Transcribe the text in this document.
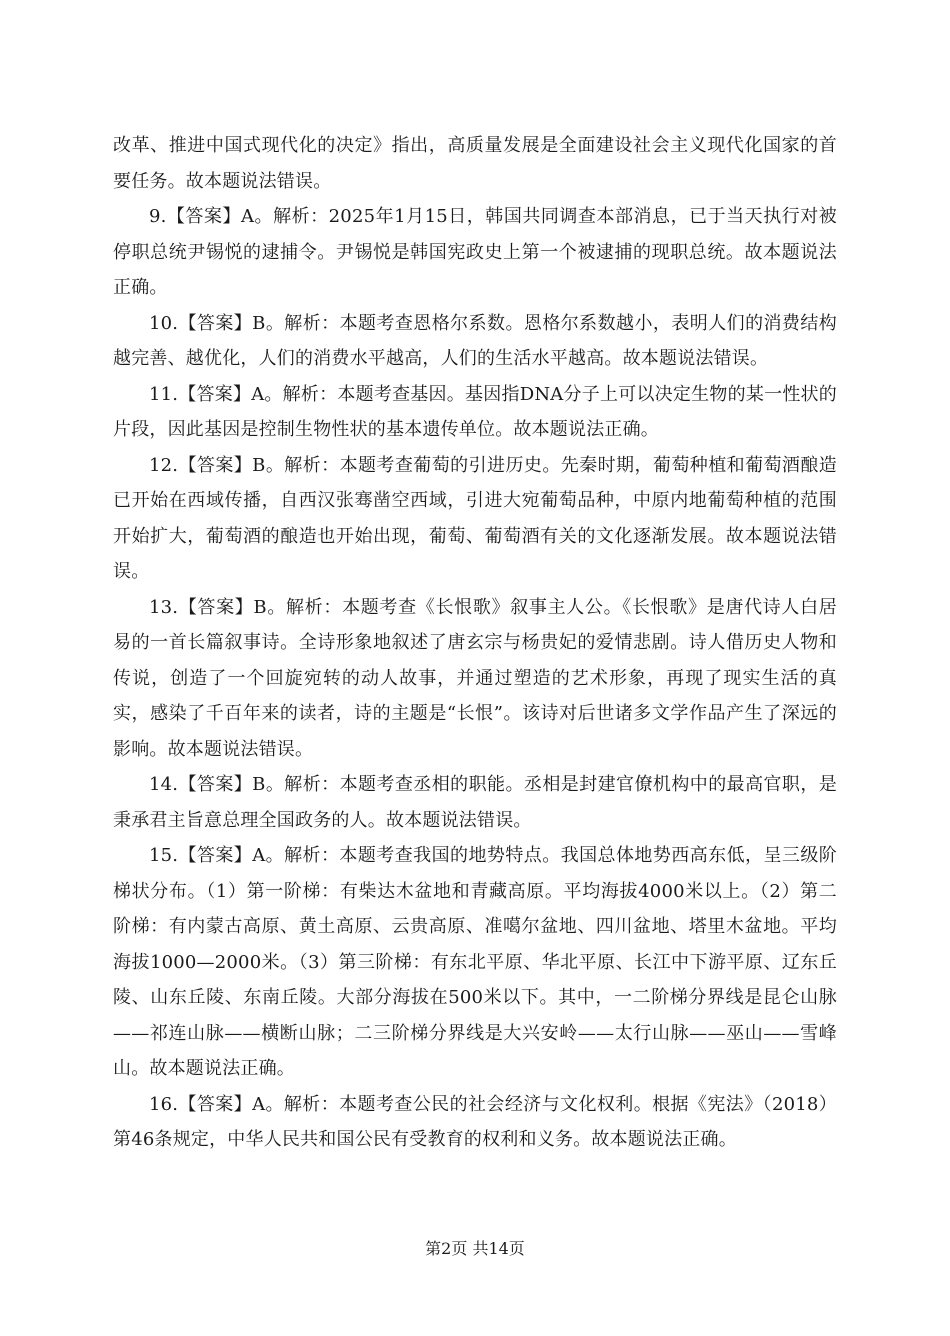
改革、推进中国式现代化的决定》指出，高质量发展是全面建设社会主义现代化国家的首要任务。故本题说法错误。

9.【答案】A。解析：2025年1月15日，韩国共同调查本部消息，已于当天执行对被停职总统尹锡悦的逮捕令。尹锡悦是韩国宪政史上第一个被逮捕的现职总统。故本题说法正确。

10.【答案】B。解析：本题考查恩格尔系数。恩格尔系数越小，表明人们的消费结构越完善、越优化，人们的消费水平越高，人们的生活水平越高。故本题说法错误。

11.【答案】A。解析：本题考查基因。基因指DNA分子上可以决定生物的某一性状的片段，因此基因是控制生物性状的基本遗传单位。故本题说法正确。

12.【答案】B。解析：本题考查葡萄的引进历史。先秦时期，葡萄种植和葡萄酒酿造已开始在西域传播，自西汉张骞凿空西域，引进大宛葡萄品种，中原内地葡萄种植的范围开始扩大，葡萄酒的酿造也开始出现，葡萄、葡萄酒有关的文化逐渐发展。故本题说法错误。

13.【答案】B。解析：本题考查《长恨歌》叙事主人公。《长恨歌》是唐代诗人白居易的一首长篇叙事诗。全诗形象地叙述了唐玄宗与杨贵妃的爱情悲剧。诗人借历史人物和传说，创造了一个回旋宛转的动人故事，并通过塑造的艺术形象，再现了现实生活的真实，感染了千百年来的读者，诗的主题是“长恨”。该诗对后世诸多文学作品产生了深远的影响。故本题说法错误。

14.【答案】B。解析：本题考查丞相的职能。丞相是封建官僚机构中的最高官职，是秉承君主旨意总理全国政务的人。故本题说法错误。

15.【答案】A。解析：本题考查我国的地势特点。我国总体地势西高东低，呈三级阶梯状分布。（1）第一阶梯：有柴达木盆地和青藏高原。平均海拔4000米以上。（2）第二阶梯：有内蒙古高原、黄土高原、云贵高原、准噶尔盆地、四川盆地、塔里木盆地。平均海拔1000—2000米。（3）第三阶梯：有东北平原、华北平原、长江中下游平原、辽东丘陵、山东丘陵、东南丘陵。大部分海拔在500米以下。其中，一二阶梯分界线是昆仑山脉——祁连山脉——横断山脉；二三阶梯分界线是大兴安岭——太行山脉——巫山——雪峰山。故本题说法正确。

16.【答案】A。解析：本题考查公民的社会经济与文化权利。根据《宪法》（2018）第46条规定，中华人民共和国公民有受教育的权利和义务。故本题说法正确。

第2页 共14页
